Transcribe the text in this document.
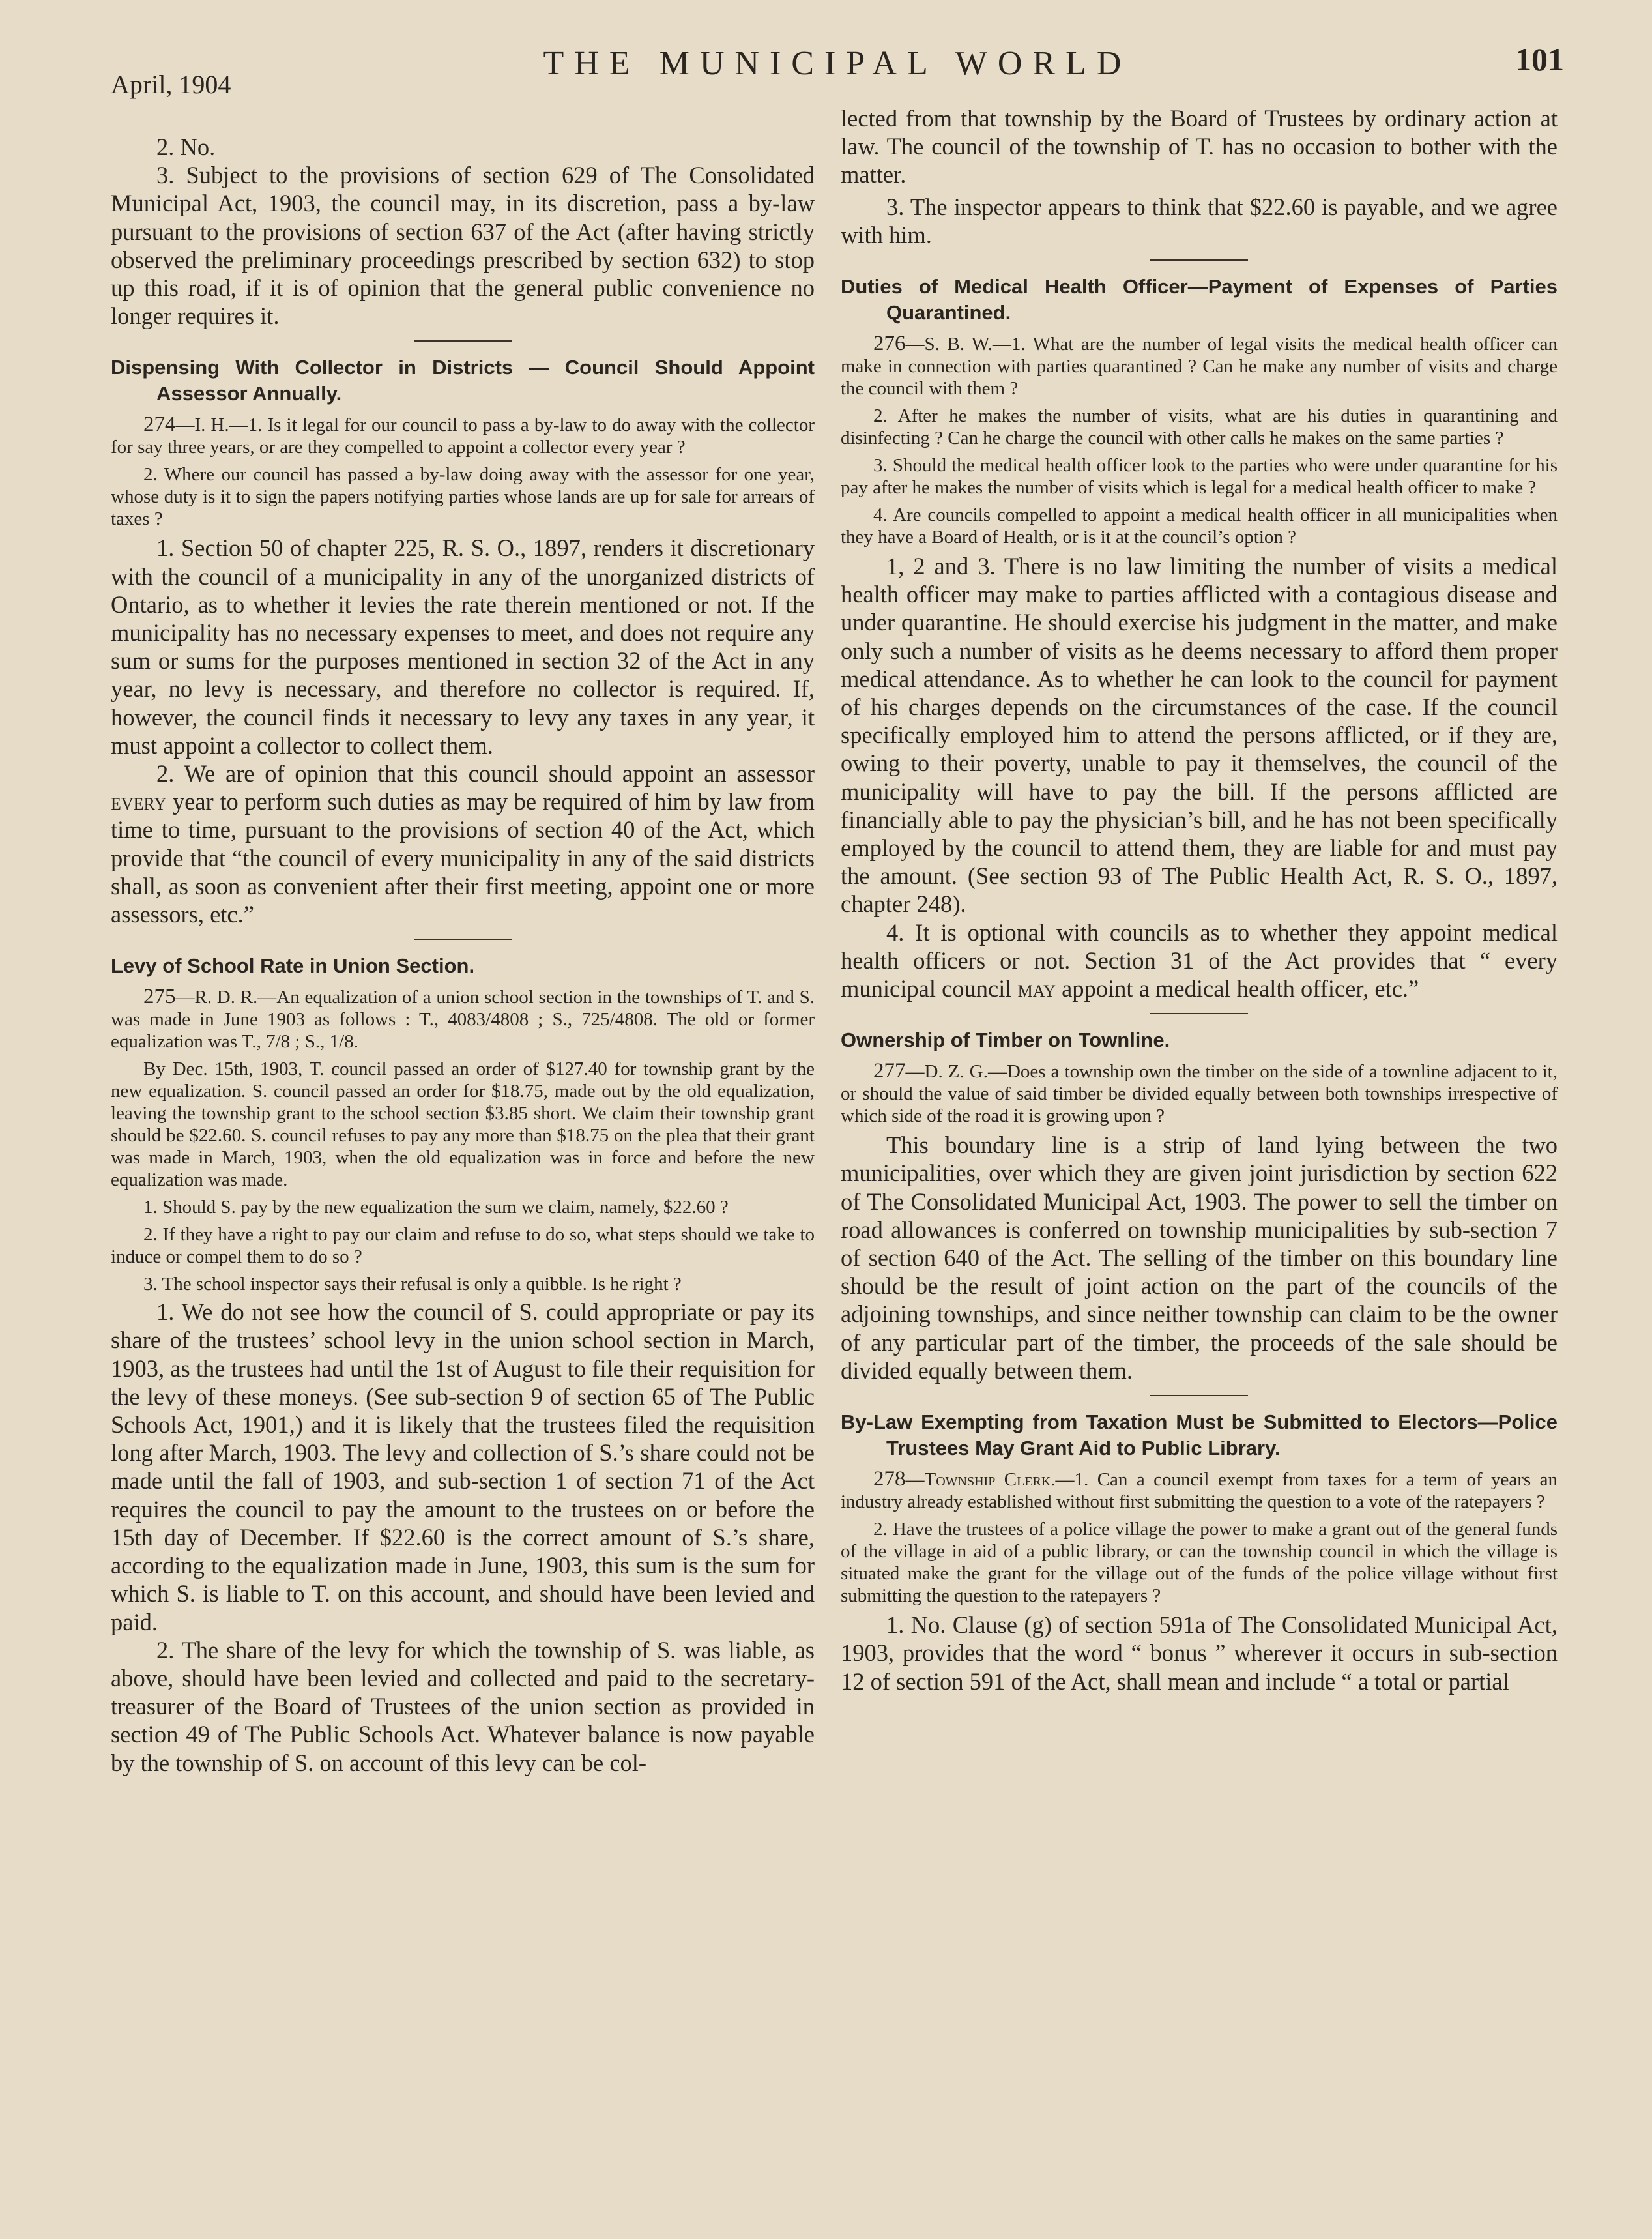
April, 1904
THE MUNICIPAL WORLD	101

2. No.

3. Subject to the provisions of section 629 of The Consolidated Municipal Act, 1903, the council may, in its discretion, pass a by-law pursuant to the provisions of section 637 of the Act (after having strictly observed the preliminary proceedings prescribed by section 632) to stop up this road, if it is of opinion that the general public convenience no longer requires it.

Dispensing With Collector in Districts — Council Should Appoint Assessor Annually.

274—I. H.—1. Is it legal for our council to pass a by-law to do away with the collector for say three years, or are they compelled to appoint a collector every year ?

2. Where our council has passed a by-law doing away with the assessor for one year, whose duty is it to sign the papers notifying parties whose lands are up for sale for arrears of taxes ?

1. Section 50 of chapter 225, R. S. O., 1897, renders it discretionary with the council of a municipality in any of the unorganized districts of Ontario, as to whether it levies the rate therein mentioned or not. If the municipality has no necessary expenses to meet, and does not require any sum or sums for the purposes mentioned in section 32 of the Act in any year, no levy is necessary, and therefore no collector is required. If, however, the council finds it necessary to levy any taxes in any year, it must appoint a collector to collect them.

2. We are of opinion that this council should appoint an assessor every year to perform such duties as may be required of him by law from time to time, pursuant to the provisions of section 40 of the Act, which provide that “the council of every municipality in any of the said districts shall, as soon as convenient after their first meeting, appoint one or more assessors, etc.”

Levy of School Rate in Union Section.

275—R. D. R.—An equalization of a union school section in the townships of T. and S. was made in June 1903 as follows : T., 4083/4808 ; S., 725/4808. The old or former equalization was T., 7/8 ; S., 1/8.

By Dec. 15th, 1903, T. council passed an order of $127.40 for township grant by the new equalization. S. council passed an order for $18.75, made out by the old equalization, leaving the township grant to the school section $3.85 short. We claim their township grant should be $22.60. S. council refuses to pay any more than $18.75 on the plea that their grant was made in March, 1903, when the old equalization was in force and before the new equalization was made.

1. Should S. pay by the new equalization the sum we claim, namely, $22.60 ?

2. If they have a right to pay our claim and refuse to do so, what steps should we take to induce or compel them to do so ?

3. The school inspector says their refusal is only a quibble. Is he right ?

1. We do not see how the council of S. could appropriate or pay its share of the trustees’ school levy in the union school section in March, 1903, as the trustees had until the 1st of August to file their requisition for the levy of these moneys. (See sub-section 9 of section 65 of The Public Schools Act, 1901,) and it is likely that the trustees filed the requisition long after March, 1903. The levy and collection of S.’s share could not be made until the fall of 1903, and sub-section 1 of section 71 of the Act requires the council to pay the amount to the trustees on or before the 15th day of December. If $22.60 is the correct amount of S.’s share, according to the equalization made in June, 1903, this sum is the sum for which S. is liable to T. on this account, and should have been levied and paid.

2. The share of the levy for which the township of S. was liable, as above, should have been levied and collected and paid to the secretary-treasurer of the Board of Trustees of the union section as provided in section 49 of The Public Schools Act. Whatever balance is now payable by the township of S. on account of this levy can be col-

lected from that township by the Board of Trustees by ordinary action at law. The council of the township of T. has no occasion to bother with the matter.

3. The inspector appears to think that $22.60 is payable, and we agree with him.

Duties of Medical Health Officer—Payment of Expenses of Parties Quarantined.

276—S. B. W.—1. What are the number of legal visits the medical health officer can make in connection with parties quarantined ? Can he make any number of visits and charge the council with them ?

2. After he makes the number of visits, what are his duties in quarantining and disinfecting ? Can he charge the council with other calls he makes on the same parties ?

3. Should the medical health officer look to the parties who were under quarantine for his pay after he makes the number of visits which is legal for a medical health officer to make ?

4. Are councils compelled to appoint a medical health officer in all municipalities when they have a Board of Health, or is it at the council’s option ?

1, 2 and 3. There is no law limiting the number of visits a medical health officer may make to parties afflicted with a contagious disease and under quarantine. He should exercise his judgment in the matter, and make only such a number of visits as he deems necessary to afford them proper medical attendance. As to whether he can look to the council for payment of his charges depends on the circumstances of the case. If the council specifically employed him to attend the persons afflicted, or if they are, owing to their poverty, unable to pay it themselves, the council of the municipality will have to pay the bill. If the persons afflicted are financially able to pay the physician’s bill, and he has not been specifically employed by the council to attend them, they are liable for and must pay the amount. (See section 93 of The Public Health Act, R. S. O., 1897, chapter 248).

4. It is optional with councils as to whether they appoint medical health officers or not. Section 31 of the Act provides that “ every municipal council may appoint a medical health officer, etc.”

Ownership of Timber on Townline.

277—D. Z. G.—Does a township own the timber on the side of a townline adjacent to it, or should the value of said timber be divided equally between both townships irrespective of which side of the road it is growing upon ?

This boundary line is a strip of land lying between the two municipalities, over which they are given joint jurisdiction by section 622 of The Consolidated Municipal Act, 1903. The power to sell the timber on road allowances is conferred on township municipalities by sub-section 7 of section 640 of the Act. The selling of the timber on this boundary line should be the result of joint action on the part of the councils of the adjoining townships, and since neither township can claim to be the owner of any particular part of the timber, the proceeds of the sale should be divided equally between them.

By-Law Exempting from Taxation Must be Submitted to Electors—Police Trustees May Grant Aid to Public Library.

278—Township Clerk.—1. Can a council exempt from taxes for a term of years an industry already established without first submitting the question to a vote of the ratepayers ?

2. Have the trustees of a police village the power to make a grant out of the general funds of the village in aid of a public library, or can the township council in which the village is situated make the grant for the village out of the funds of the police village without first submitting the question to the ratepayers ?

1. No. Clause (g) of section 591a of The Consolidated Municipal Act, 1903, provides that the word “ bonus ” wherever it occurs in sub-section 12 of section 591 of the Act, shall mean and include “ a total or partial
